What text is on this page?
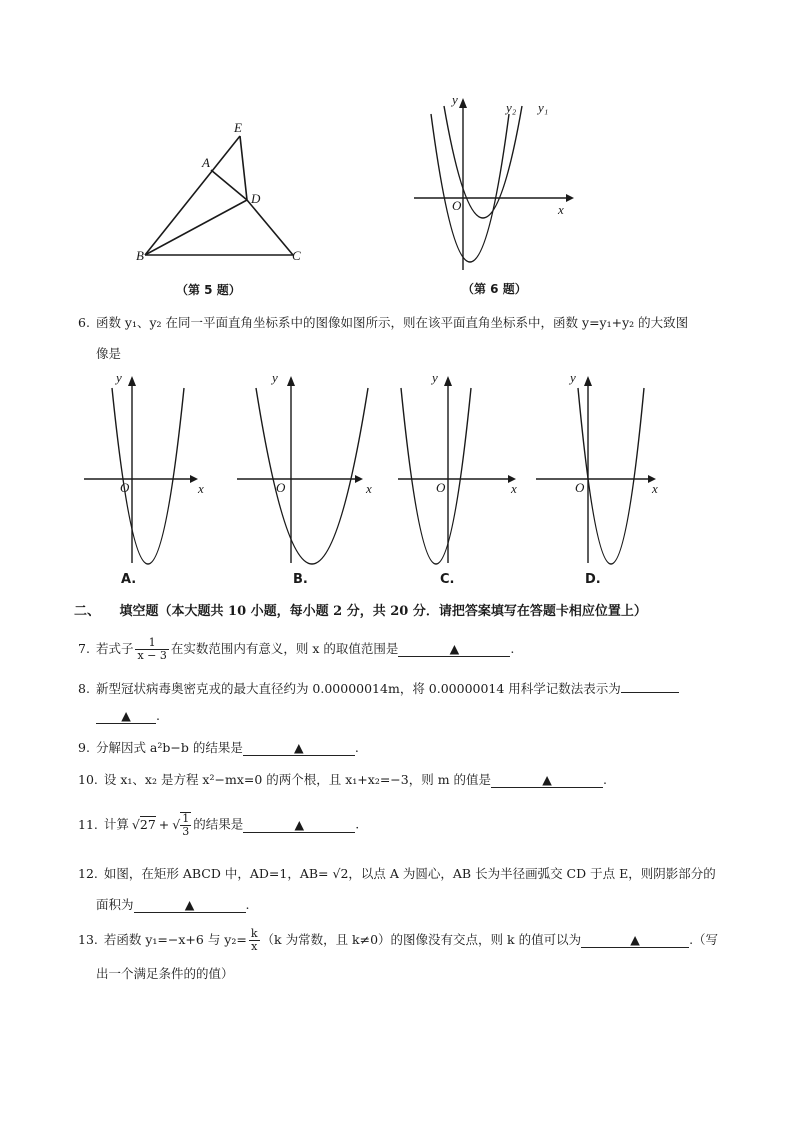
E
A
D
B	C
（第 5 题）
y
x
O
y₂ y₁
（第 6 题）
6. 函数 y₁、y₂ 在同一平面直角坐标系中的图像如图所示，则在该平面直角坐标系中，函数 y=y₁+y₂ 的大致图
像是
y
x
O
A.
y
x
O
B.
y
x
O
C.
y
x
O
D.
二、　　填空题（本大题共 10 小题，每小题 2 分，共 20 分．请把答案填写在答题卡相应位置上）
7. 若式子 $\frac{1}{x - 3}$ 在实数范围内有意义，则 x 的取值范围是	▲	.
8. 新型冠状病毒奥密克戎的最大直径约为 0.00000014m，将 0.00000014 用科学记数法表示为
▲ .
9. 分解因式 a²b−b 的结果是	▲	.
10. 设 x₁、x₂ 是方程 x²−mx=0 的两个根，且 x₁+x₂=−3，则 m 的值是	▲	.
11. 计算 √27 + √ $\frac{1}{3}$ 的结果是	▲	.
12. 如图，在矩形 ABCD 中，AD=1，AB= √2，以点 A 为圆心，AB 长为半径画弧交 CD 于点 E，则阴影部分的
面积为	▲	.
13. 若函数 y₁=−x+6 与 $y_2= \frac{k}{x} (k$ 为常数，且 k≠0）的图像没有交点，则 k 的值可以为	▲	.（写
出一个满足条件的的值）
